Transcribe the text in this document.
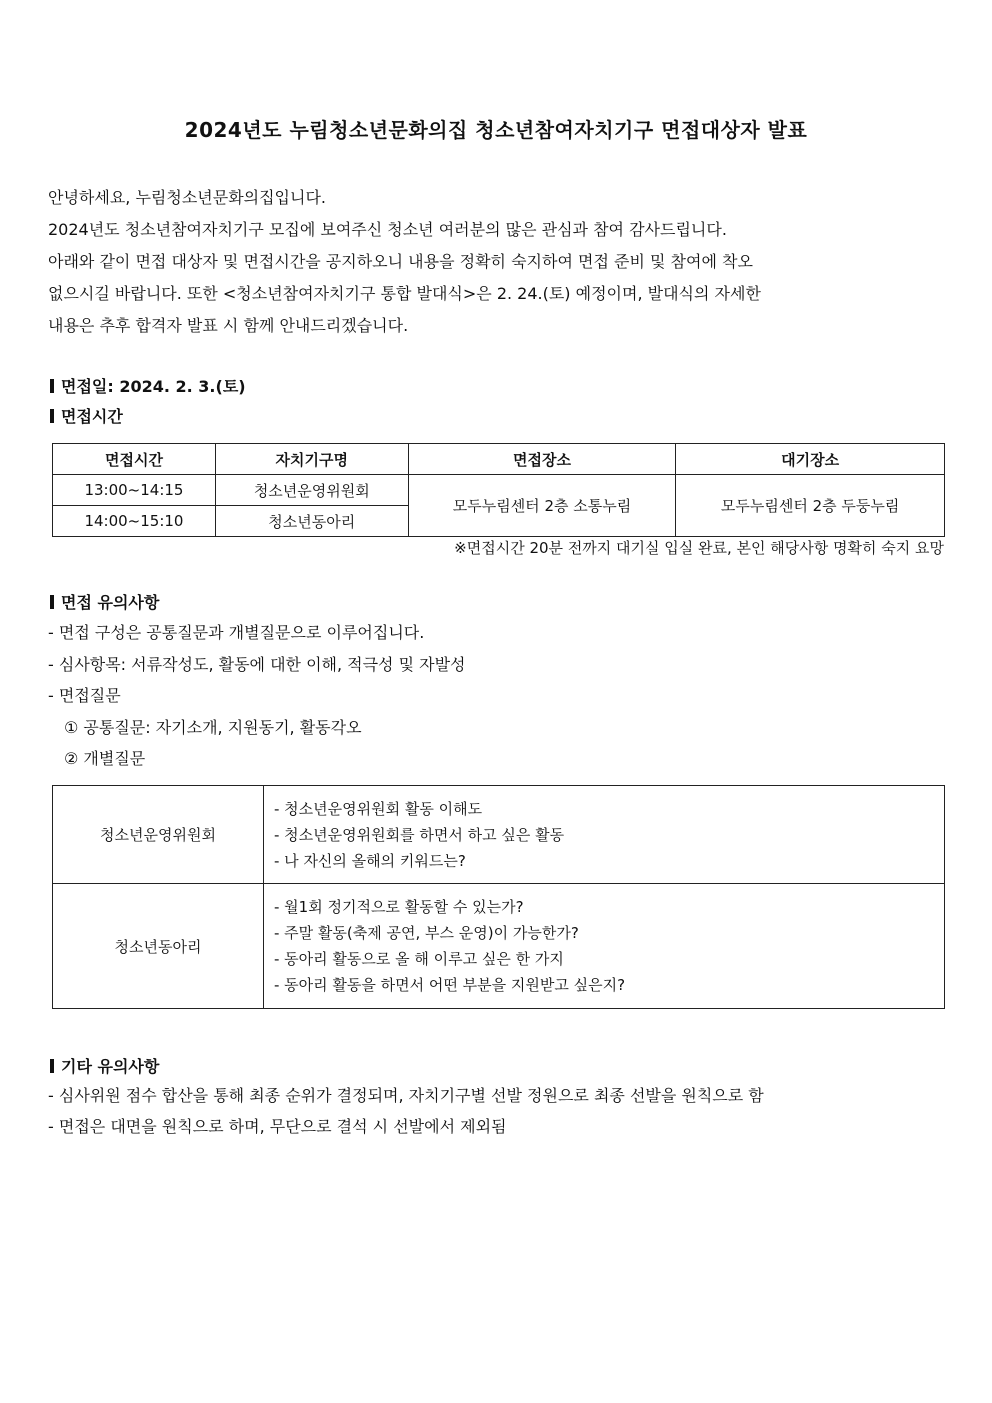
2024년도 누림청소년문화의집 청소년참여자치기구 면접대상자 발표

안녕하세요, 누림청소년문화의집입니다.

2024년도 청소년참여자치기구 모집에 보여주신 청소년 여러분의 많은 관심과 참여 감사드립니다.

아래와 같이 면접 대상자 및 면접시간을 공지하오니 내용을 정확히 숙지하여 면접 준비 및 참여에 착오

없으시길 바랍니다. 또한 <청소년참여자치기구 통합 발대식>은 2. 24.(토) 예정이며, 발대식의 자세한

내용은 추후 합격자 발표 시 함께 안내드리겠습니다.

면접일: 2024. 2. 3.(토)
면접시간
면접시간	자치기구명	면접장소	대기장소
13:00~14:15	청소년운영위원회	모두누림센터 2층 소통누림	모두누림센터 2층 두둥누림
14:00~15:10	청소년동아리		
※면접시간 20분 전까지 대기실 입실 완료, 본인 해당사항 명확히 숙지 요망
면접 유의사항

- 면접 구성은 공통질문과 개별질문으로 이루어집니다.

- 심사항목: 서류작성도, 활동에 대한 이해, 적극성 및 자발성

- 면접질문

① 공통질문: 자기소개, 지원동기, 활동각오

② 개별질문

청소년운영위원회	- 청소년운영위원회 활동 이해도
- 청소년운영위원회를 하면서 하고 싶은 활동
- 나 자신의 올해의 키워드는?

청소년동아리	- 월1회 정기적으로 활동할 수 있는가?
- 주말 활동(축제 공연, 부스 운영)이 가능한가?
- 동아리 활동으로 올 해 이루고 싶은 한 가지
- 동아리 활동을 하면서 어떤 부분을 지원받고 싶은지?
기타 유의사항

- 심사위원 점수 합산을 통해 최종 순위가 결정되며, 자치기구별 선발 정원으로 최종 선발을 원칙으로 함

- 면접은 대면을 원칙으로 하며, 무단으로 결석 시 선발에서 제외됨
